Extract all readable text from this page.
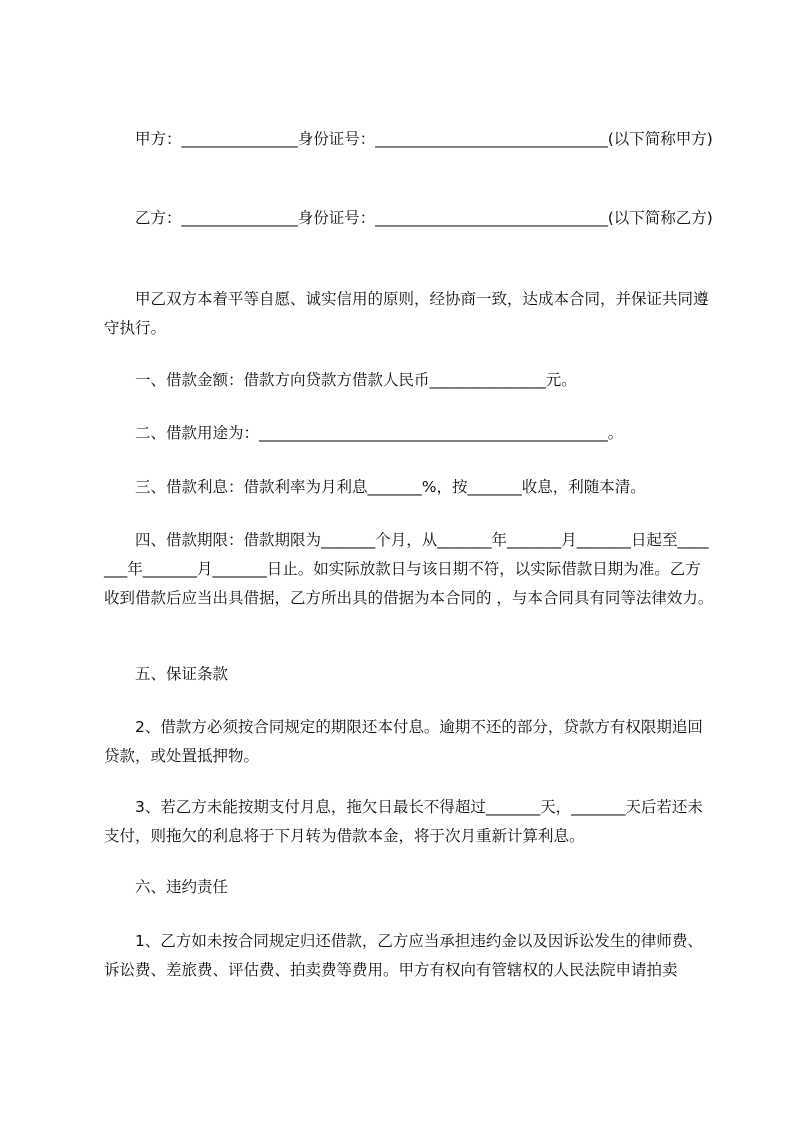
　　甲方：_______________身份证号：______________________________(以下简称甲方)

　　乙方：_______________身份证号：______________________________(以下简称乙方)

　　甲乙双方本着平等自愿、诚实信用的原则，经协商一致，达成本合同，并保证共同遵守执行。

　　一、借款金额：借款方向贷款方借款人民币_______________元。

　　二、借款用途为：_____________________________________________。

　　三、借款利息：借款利率为月利息_______%，按_______收息，利随本清。

　　四、借款期限：借款期限为_______个月，从_______年_______月_______日起至_______年_______月_______日止。如实际放款日与该日期不符，以实际借款日期为准。乙方收到借款后应当出具借据，乙方所出具的借据为本合同的 ，与本合同具有同等法律效力。

　　五、保证条款

　　2、借款方必须按合同规定的期限还本付息。逾期不还的部分，贷款方有权限期追回贷款，或处置抵押物。

　　3、若乙方未能按期支付月息，拖欠日最长不得超过_______天，_______天后若还未支付，则拖欠的利息将于下月转为借款本金，将于次月重新计算利息。

　　六、违约责任

　　1、乙方如未按合同规定归还借款，乙方应当承担违约金以及因诉讼发生的律师费、诉讼费、差旅费、评估费、拍卖费等费用。甲方有权向有管辖权的人民法院申请拍卖
